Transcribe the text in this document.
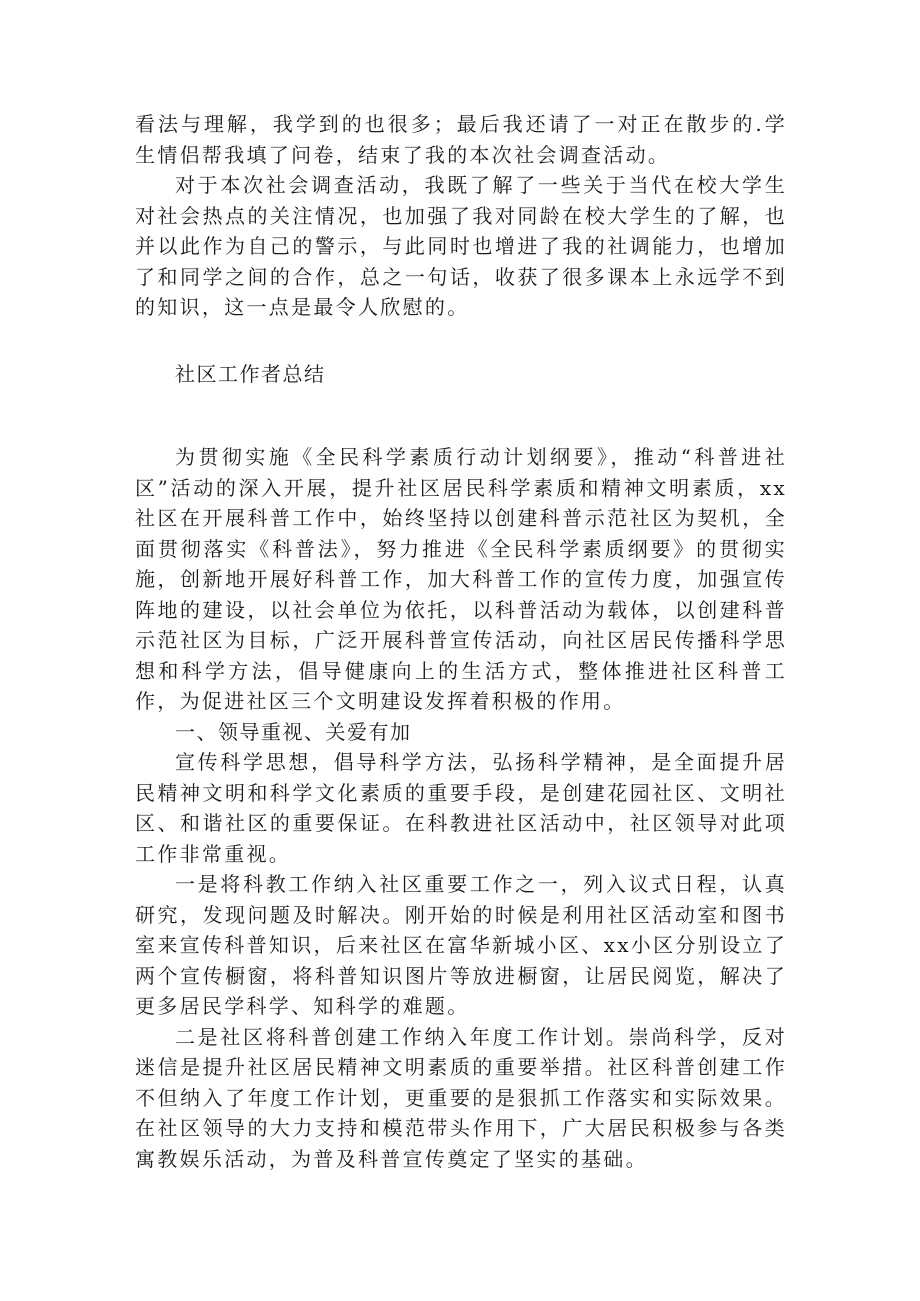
看法与理解，我学到的也很多；最后我还请了一对正在散步的.学生情侣帮我填了问卷，结束了我的本次社会调查活动。

对于本次社会调查活动，我既了解了一些关于当代在校大学生对社会热点的关注情况，也加强了我对同龄在校大学生的了解，也并以此作为自己的警示，与此同时也增进了我的社调能力，也增加了和同学之间的合作，总之一句话，收获了很多课本上永远学不到的知识，这一点是最令人欣慰的。

社区工作者总结

为贯彻实施《全民科学素质行动计划纲要》，推动“科普进社区”活动的深入开展，提升社区居民科学素质和精神文明素质，xx社区在开展科普工作中，始终坚持以创建科普示范社区为契机，全面贯彻落实《科普法》，努力推进《全民科学素质纲要》的贯彻实施，创新地开展好科普工作，加大科普工作的宣传力度，加强宣传阵地的建设，以社会单位为依托，以科普活动为载体，以创建科普示范社区为目标，广泛开展科普宣传活动，向社区居民传播科学思想和科学方法，倡导健康向上的生活方式，整体推进社区科普工作，为促进社区三个文明建设发挥着积极的作用。

一、领导重视、关爱有加

宣传科学思想，倡导科学方法，弘扬科学精神，是全面提升居民精神文明和科学文化素质的重要手段，是创建花园社区、文明社区、和谐社区的重要保证。在科教进社区活动中，社区领导对此项工作非常重视。

一是将科教工作纳入社区重要工作之一，列入议式日程，认真研究，发现问题及时解决。刚开始的时候是利用社区活动室和图书室来宣传科普知识，后来社区在富华新城小区、xx小区分别设立了两个宣传橱窗，将科普知识图片等放进橱窗，让居民阅览，解决了更多居民学科学、知科学的难题。

二是社区将科普创建工作纳入年度工作计划。崇尚科学，反对迷信是提升社区居民精神文明素质的重要举措。社区科普创建工作不但纳入了年度工作计划，更重要的是狠抓工作落实和实际效果。在社区领导的大力支持和模范带头作用下，广大居民积极参与各类寓教娱乐活动，为普及科普宣传奠定了坚实的基础。
